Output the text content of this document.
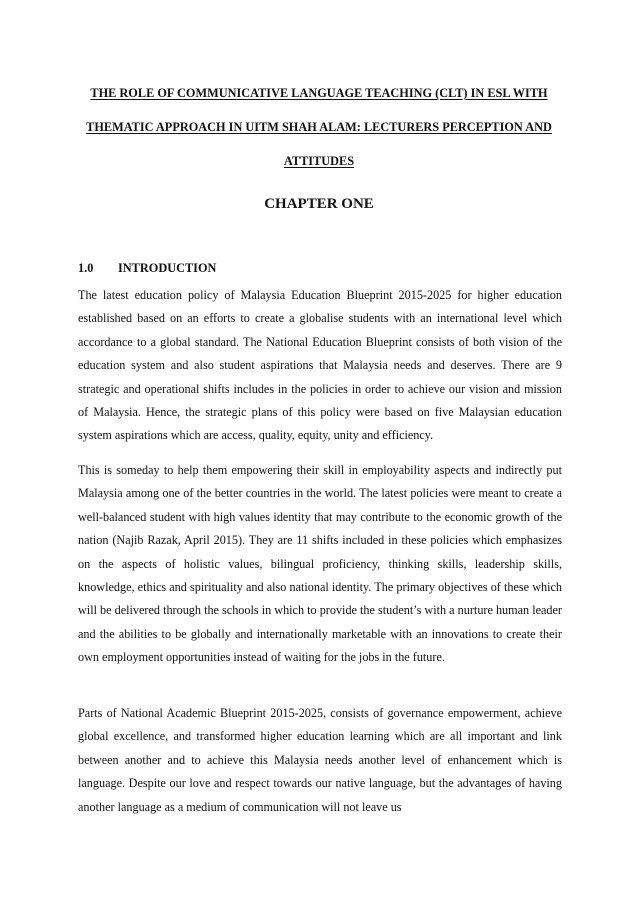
THE ROLE OF COMMUNICATIVE LANGUAGE TEACHING (CLT) IN ESL WITH THEMATIC APPROACH IN UITM SHAH ALAM: LECTURERS PERCEPTION AND ATTITUDES
CHAPTER ONE
1.0 INTRODUCTION

The latest education policy of Malaysia Education Blueprint 2015-2025 for higher education established based on an efforts to create a globalise students with an international level which accordance to a global standard. The National Education Blueprint consists of both vision of the education system and also student aspirations that Malaysia needs and deserves. There are 9 strategic and operational shifts includes in the policies in order to achieve our vision and mission of Malaysia. Hence, the strategic plans of this policy were based on five Malaysian education system aspirations which are access, quality, equity, unity and efficiency.

This is someday to help them empowering their skill in employability aspects and indirectly put Malaysia among one of the better countries in the world. The latest policies were meant to create a well-balanced student with high values identity that may contribute to the economic growth of the nation (Najib Razak, April 2015). They are 11 shifts included in these policies which emphasizes on the aspects of holistic values, bilingual proficiency, thinking skills, leadership skills, knowledge, ethics and spirituality and also national identity. The primary objectives of these which will be delivered through the schools in which to provide the student’s with a nurture human leader and the abilities to be globally and internationally marketable with an innovations to create their own employment opportunities instead of waiting for the jobs in the future.

Parts of National Academic Blueprint 2015-2025, consists of governance empowerment, achieve global excellence, and transformed higher education learning which are all important and link between another and to achieve this Malaysia needs another level of enhancement which is language. Despite our love and respect towards our native language, but the advantages of having another language as a medium of communication will not leave us
